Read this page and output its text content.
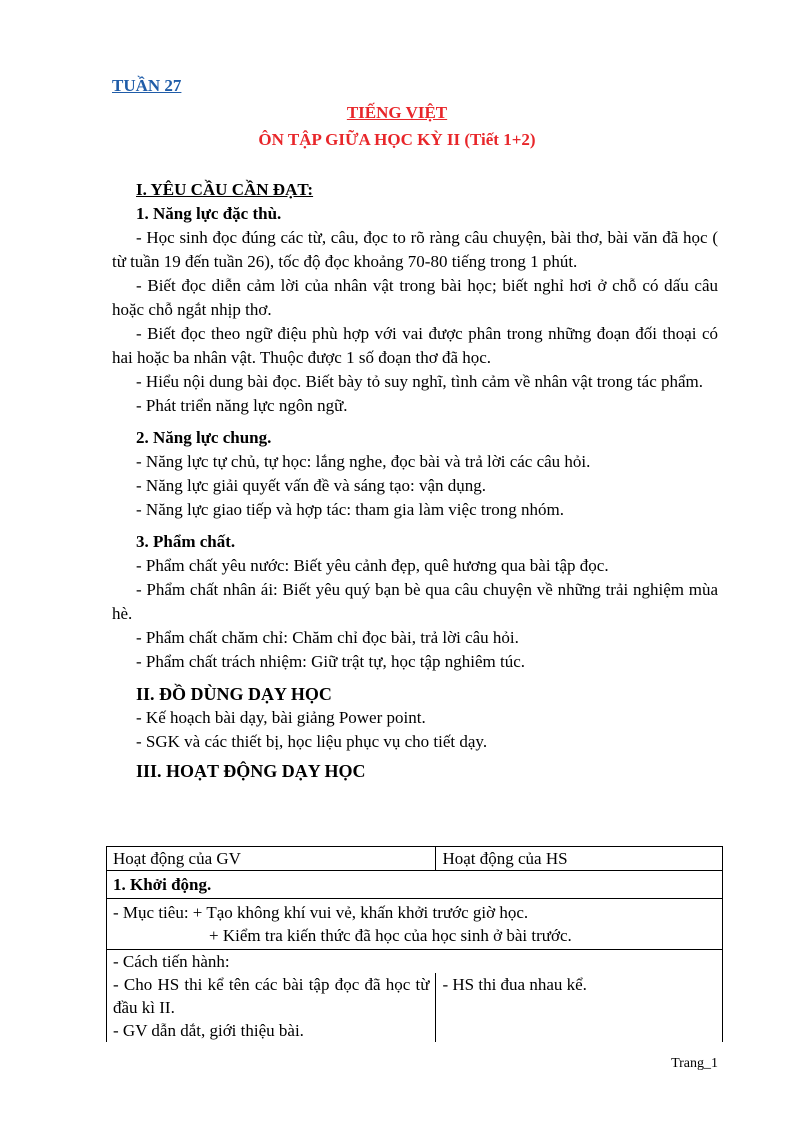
TUẦN 27
TIẾNG VIỆT
ÔN TẬP GIỮA HỌC KỲ II (Tiết 1+2)

I. YÊU CẦU CẦN ĐẠT:

1. Năng lực đặc thù.

- Học sinh đọc đúng các từ, câu, đọc to rõ ràng câu chuyện, bài thơ, bài văn đã học ( từ tuần 19 đến tuần 26), tốc độ đọc khoảng 70-80 tiếng trong 1 phút.

- Biết đọc diễn cảm lời của nhân vật trong bài học; biết nghỉ hơi ở chỗ có dấu câu hoặc chỗ ngắt nhịp thơ.

- Biết đọc theo ngữ điệu phù hợp với vai được phân trong những đoạn đối thoại có hai hoặc ba nhân vật. Thuộc được 1 số đoạn thơ đã học.

- Hiểu nội dung bài đọc. Biết bày tỏ suy nghĩ, tình cảm về nhân vật trong tác phẩm.

- Phát triển năng lực ngôn ngữ.

2. Năng lực chung.

- Năng lực tự chủ, tự học: lắng nghe, đọc bài và trả lời các câu hỏi.

- Năng lực giải quyết vấn đề và sáng tạo: vận dụng.

- Năng lực giao tiếp và hợp tác: tham gia làm việc trong nhóm.

3. Phẩm chất.

- Phẩm chất yêu nước: Biết yêu cảnh đẹp, quê hương qua bài tập đọc.

- Phẩm chất nhân ái: Biết yêu quý bạn bè qua câu chuyện về những trải nghiệm mùa hè.

- Phẩm chất chăm chỉ: Chăm chỉ đọc bài, trả lời câu hỏi.

- Phẩm chất trách nhiệm: Giữ trật tự, học tập nghiêm túc.

II. ĐỒ DÙNG DẠY HỌC

- Kế hoạch bài dạy, bài giảng Power point.

- SGK và các thiết bị, học liệu phục vụ cho tiết dạy.

III. HOẠT ĐỘNG DẠY HỌC

Hoạt động của GV	Hoạt động của HS
1. Khởi động.	

- Mục tiêu: + Tạo không khí vui vẻ, khấn khởi trước giờ học.
+ Kiểm tra kiến thức đã học của học sinh ở bài trước.	

- Cách tiến hành:	

- Cho HS thi kể tên các bài tập đọc đã học từ đầu kì II.
- GV dẫn dắt, giới thiệu bài.	- HS thi đua nhau kể.
Trang_1
